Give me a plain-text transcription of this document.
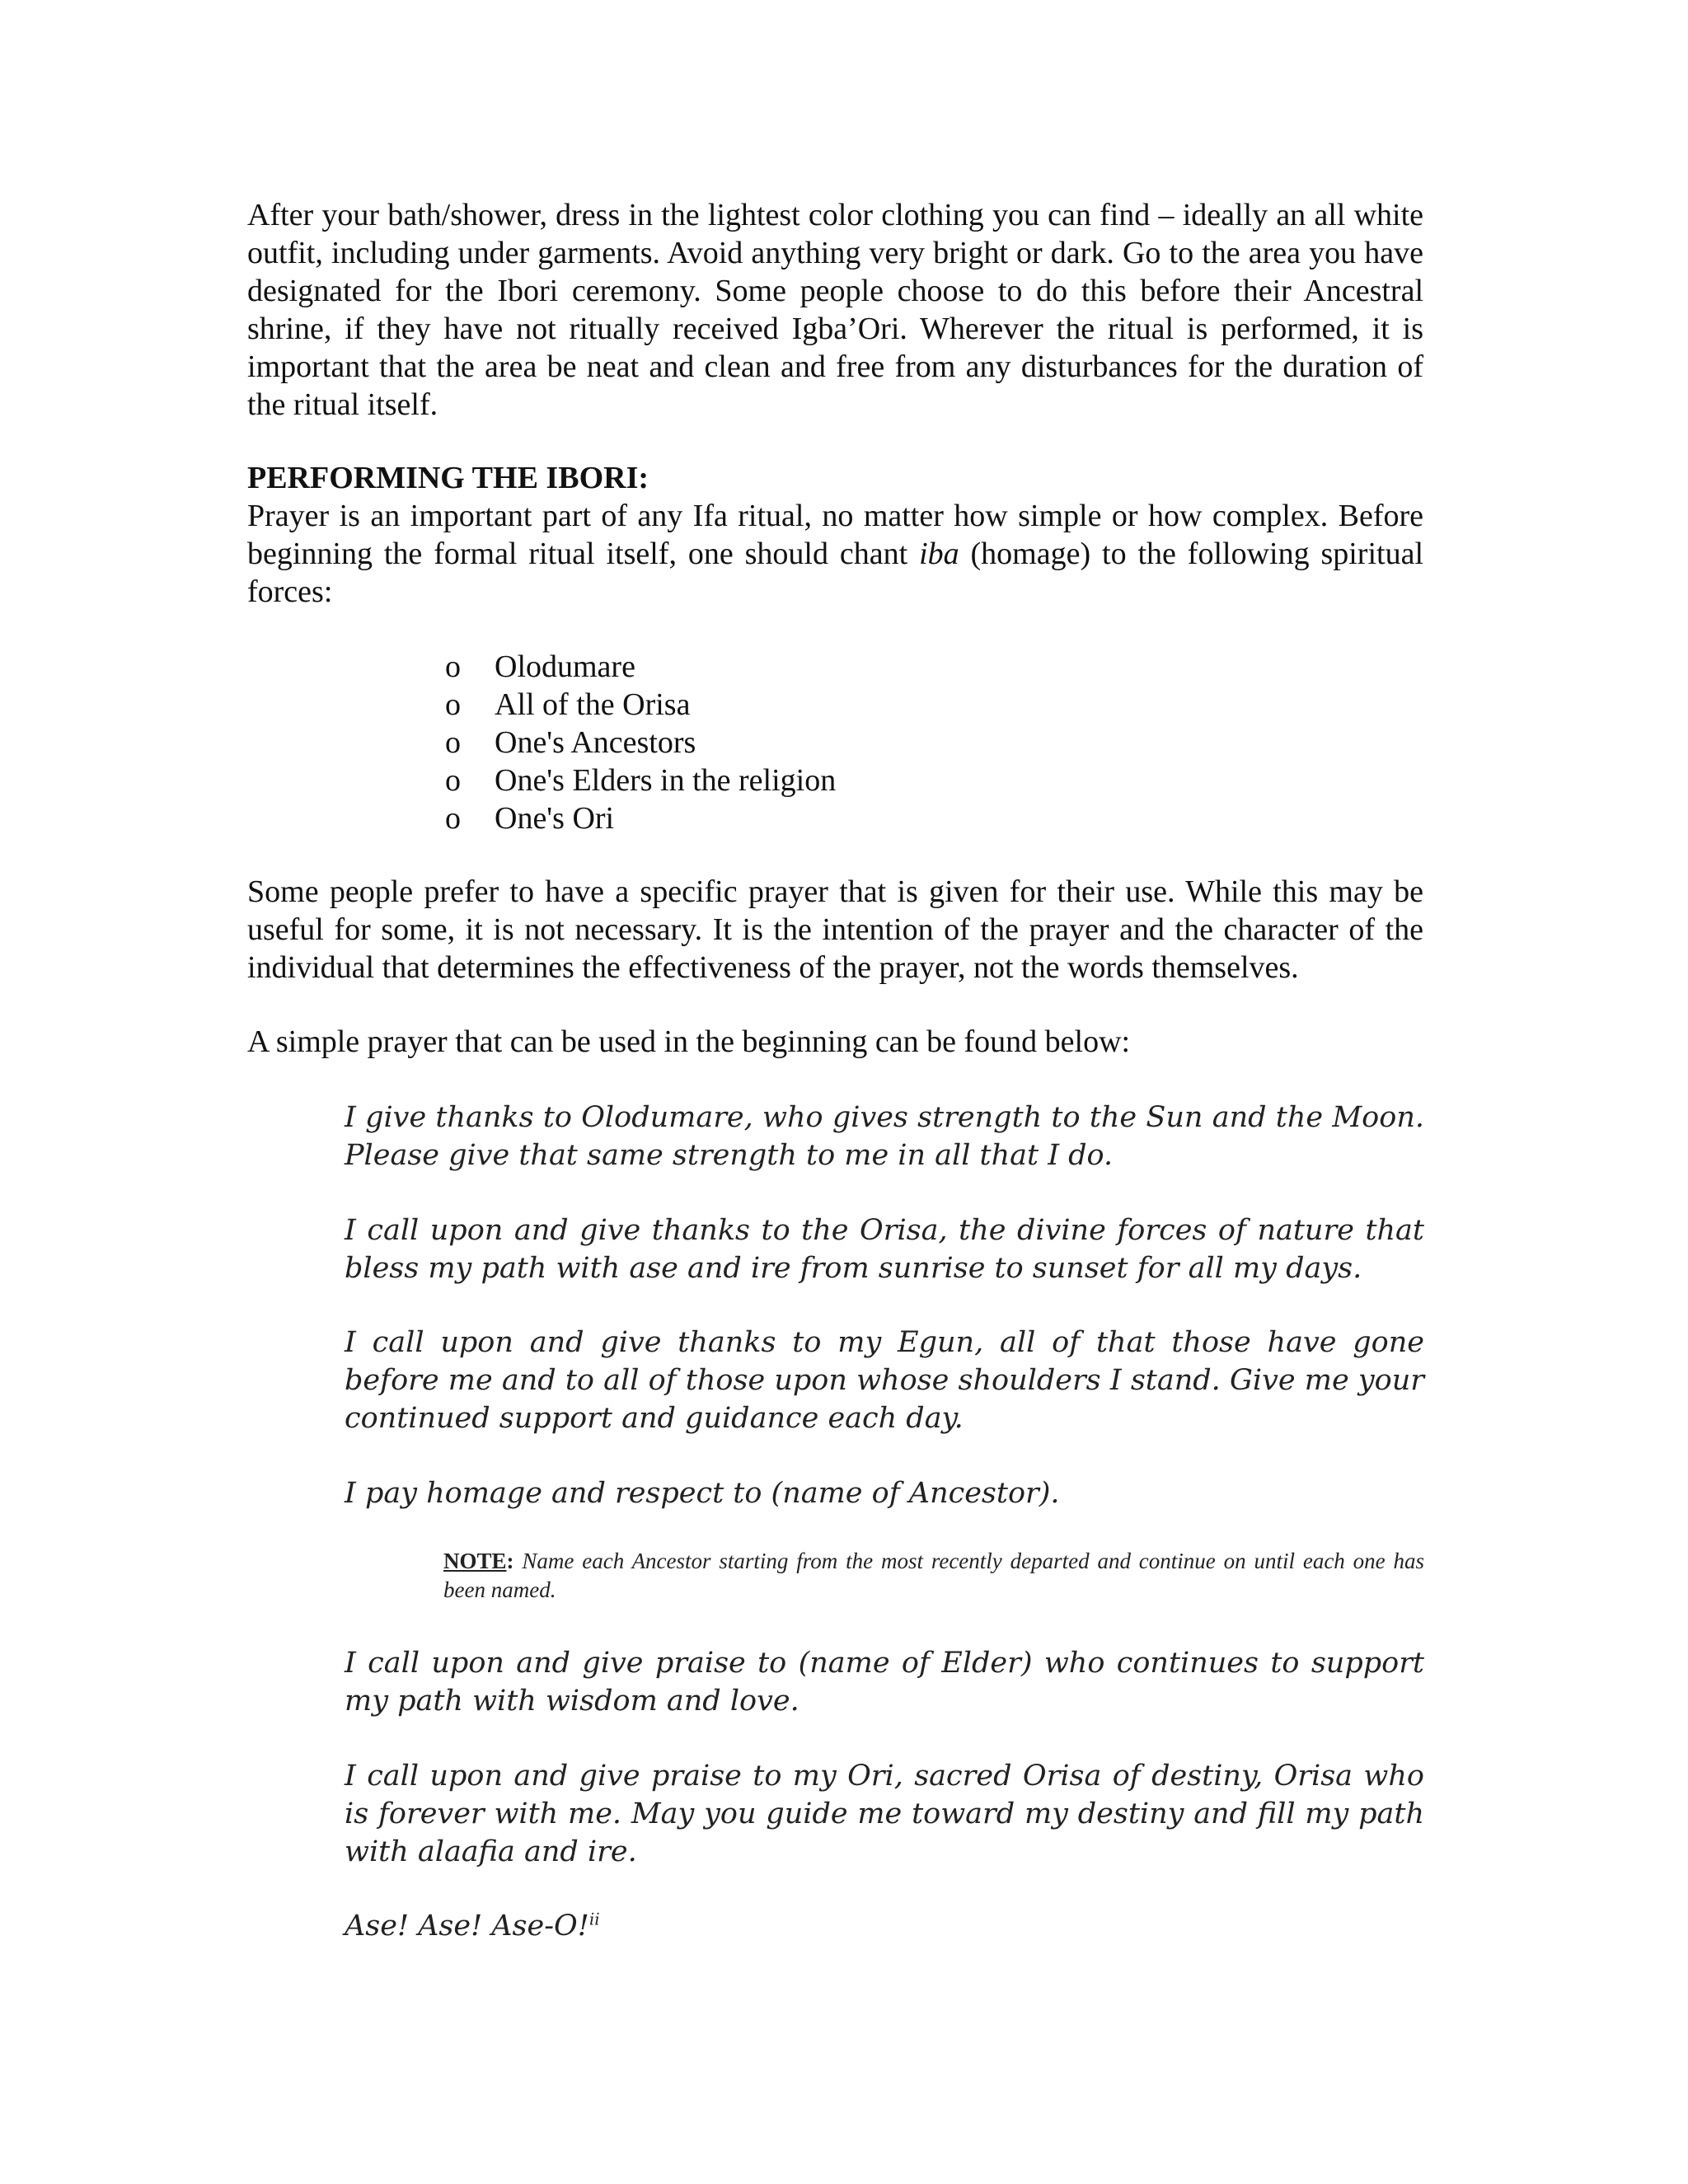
After your bath/shower, dress in the lightest color clothing you can find – ideally an all white outfit, including under garments. Avoid anything very bright or dark. Go to the area you have designated for the Ibori ceremony. Some people choose to do this before their Ancestral shrine, if they have not ritually received Igba’Ori. Wherever the ritual is performed, it is important that the area be neat and clean and free from any disturbances for the duration of the ritual itself.

PERFORMING THE IBORI:

Prayer is an important part of any Ifa ritual, no matter how simple or how complex. Before beginning the formal ritual itself, one should chant iba (homage) to the following spiritual forces:

o	Olodumare
o	All of the Orisa
o	One's Ancestors
o	One's Elders in the religion
o	One's Ori

Some people prefer to have a specific prayer that is given for their use. While this may be useful for some, it is not necessary. It is the intention of the prayer and the character of the individual that determines the effectiveness of the prayer, not the words themselves.

A simple prayer that can be used in the beginning can be found below:

I give thanks to Olodumare, who gives strength to the Sun and the Moon. Please give that same strength to me in all that I do.

I call upon and give thanks to the Orisa, the divine forces of nature that bless my path with ase and ire from sunrise to sunset for all my days.

I call upon and give thanks to my Egun, all of that those have gone before me and to all of those upon whose shoulders I stand. Give me your continued support and guidance each day.

I pay homage and respect to (name of Ancestor).

NOTE: Name each Ancestor starting from the most recently departed and continue on until each one has been named.

I call upon and give praise to (name of Elder) who continues to support my path with wisdom and love.

I call upon and give praise to my Ori, sacred Orisa of destiny, Orisa who is forever with me. May you guide me toward my destiny and fill my path with alaafia and ire.

Ase! Ase! Ase-O!$^{ii}$
